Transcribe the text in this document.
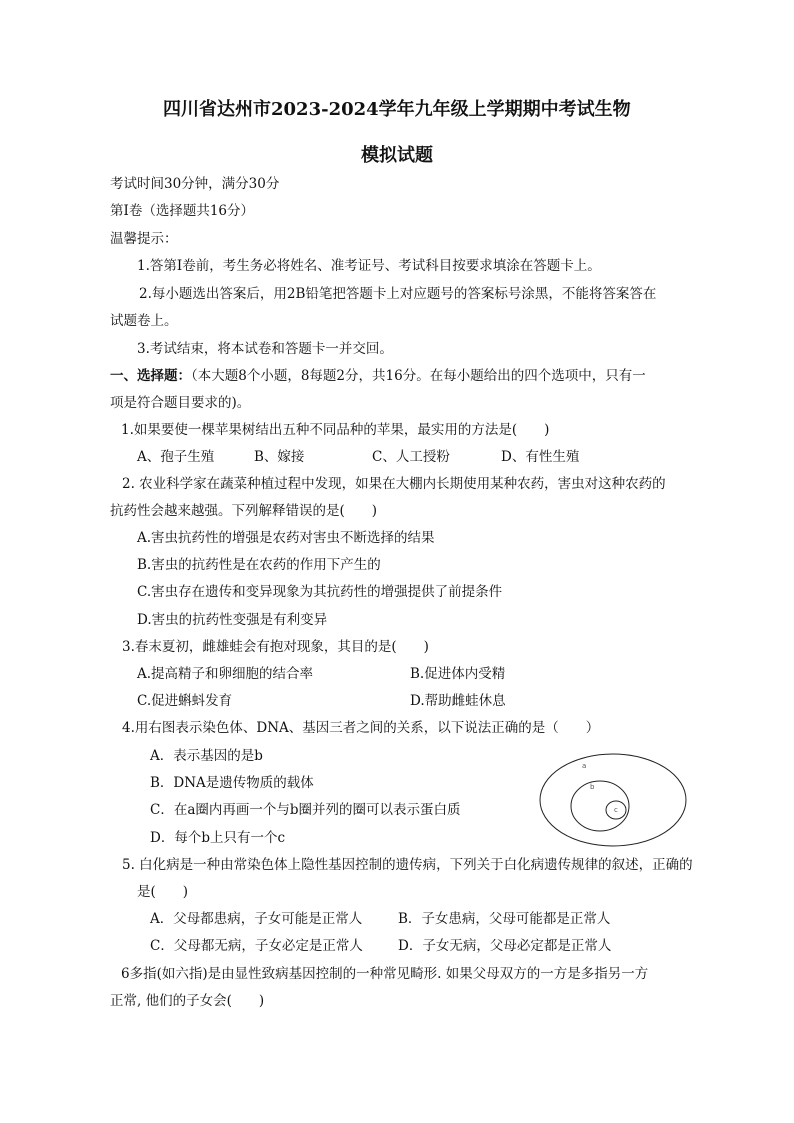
四川省达州市2023-2024学年九年级上学期期中考试生物
模拟试题
考试时间30分钟，满分30分
第Ⅰ卷（选择题共16分）
温馨提示：
1.答第Ⅰ卷前，考生务必将姓名、准考证号、考试科目按要求填涂在答题卡上。
2.每小题选出答案后，用2B铅笔把答题卡上对应题号的答案标号涂黑，不能将答案答在
试题卷上。
3.考试结束，将本试卷和答题卡一并交回。
一、选择题：（本大题8个小题，8每题2分，共16分。在每小题给出的四个选项中，只有一
项是符合题目要求的)。
1.如果要使一棵苹果树结出五种不同品种的苹果，最实用的方法是(　　)
A、孢子生殖	B、嫁接	C、人工授粉	D、有性生殖
2. 农业科学家在蔬菜种植过程中发现，如果在大棚内长期使用某种农药，害虫对这种农药的
抗药性会越来越强。下列解释错误的是(　　)
A.害虫抗药性的增强是农药对害虫不断选择的结果
B.害虫的抗药性是在农药的作用下产生的
C.害虫存在遗传和变异现象为其抗药性的增强提供了前提条件
D.害虫的抗药性变强是有利变异
3.春末夏初，雌雄蛙会有抱对现象，其目的是(　　)
A.提高精子和卵细胞的结合率	B.促进体内受精
C.促进蝌蚪发育	D.帮助雌蛙休息
4.用右图表示染色体、DNA、基因三者之间的关系，以下说法正确的是（　　）
A．表示基因的是b
B．DNA是遗传物质的载体
C．在a圈内再画一个与b圈并列的圈可以表示蛋白质
D．每个b上只有一个c
a
b
c
5. 白化病是一种由常染色体上隐性基因控制的遗传病，下列关于白化病遗传规律的叙述，正确的
是(　　)
A．父母都患病，子女可能是正常人	B．子女患病，父母可能都是正常人
C．父母都无病，子女必定是正常人	D．子女无病，父母必定都是正常人
6多指(如六指)是由显性致病基因控制的一种常见畸形. 如果父母双方的一方是多指另一方
正常, 他们的子女会(　　)
